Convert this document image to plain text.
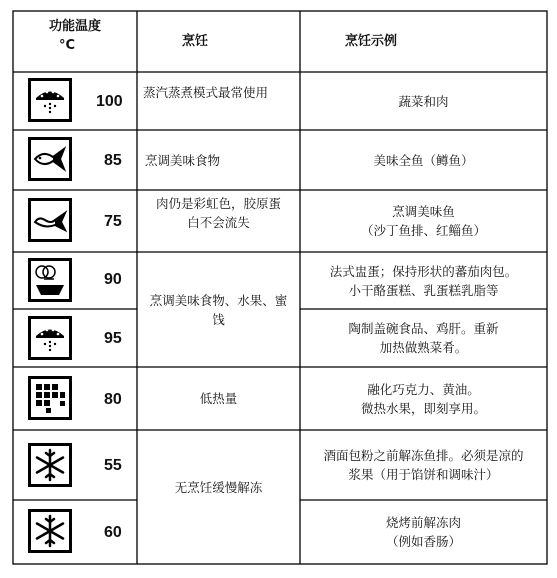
功能温度
°C	烹饪	烹饪示例
100
85
75
90
95
80
55
60
蒸汽蒸煮模式最常使用
烹调美味食物
肉仍是彩虹色，胶原蛋
白不会流失
烹调美味食物、水果、蜜
饯
低热量
无烹饪缓慢解冻
蔬菜和肉
美味全鱼（鳟鱼）
烹调美味鱼
（沙丁鱼排、红鲻鱼）
法式盅蛋；保持形状的蕃茄肉包。
小干酪蛋糕、乳蛋糕乳脂等
陶制盖碗食品、鸡肝。重新
加热做熟菜肴。
融化巧克力、黄油。
微热水果，即刻享用。
酒面包粉之前解冻鱼排。必须是凉的
浆果（用于馅饼和调味汁）
烧烤前解冻肉
（例如香肠）
